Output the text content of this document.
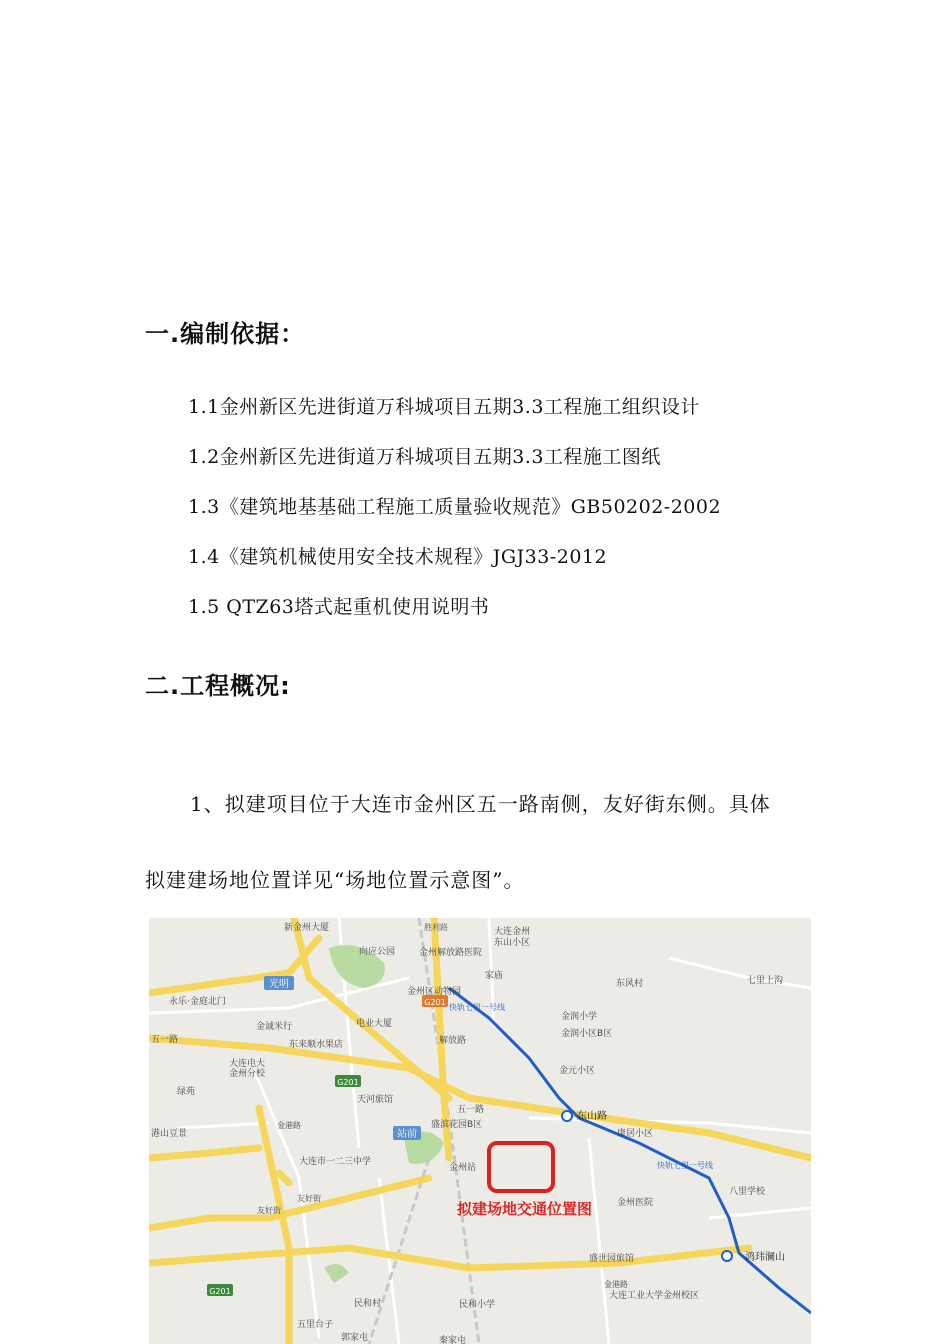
一.编制依据：
1.1金州新区先进街道万科城项目五期3.3工程施工组织设计
1.2金州新区先进街道万科城项目五期3.3工程施工图纸
1.3《建筑地基基础工程施工质量验收规范》GB50202-2002
1.4《建筑机械使用安全技术规程》JGJ33-2012
1.5 QTZ63塔式起重机使用说明书
二.工程概况:
1、拟建项目位于大连市金州区五一路南侧，友好街东侧。具体
拟建建场地位置详见“场地位置示意图”。
G201
G201
G201
光明
站前
拟建场地交通位置图
新金州大厦	胜利路
向应公园	金州解放路医院
大连金州
东山小区
家庙
东风村	七里上沟
永乐·金庭北门
金州区动物园
金润小学
金润小区B区
金诚米行	电业大厦
东来顺水果店
五一路
大连电大
金州分校
解放路
金元小区
绿苑
天河旅馆
五一路
东山路
康居小区
盛滨花园B区
金州站
港山豆景
金港路
大连市一二三中学
八里学校
金州医院
友好街
友好街
盛世园旅馆	鸿玮澜山
民和村	民和小学
金港路
大连工业大学金州校区
五里台子
郭家屯	秦家屯
快轨七里一号线
快轨七里一号线
